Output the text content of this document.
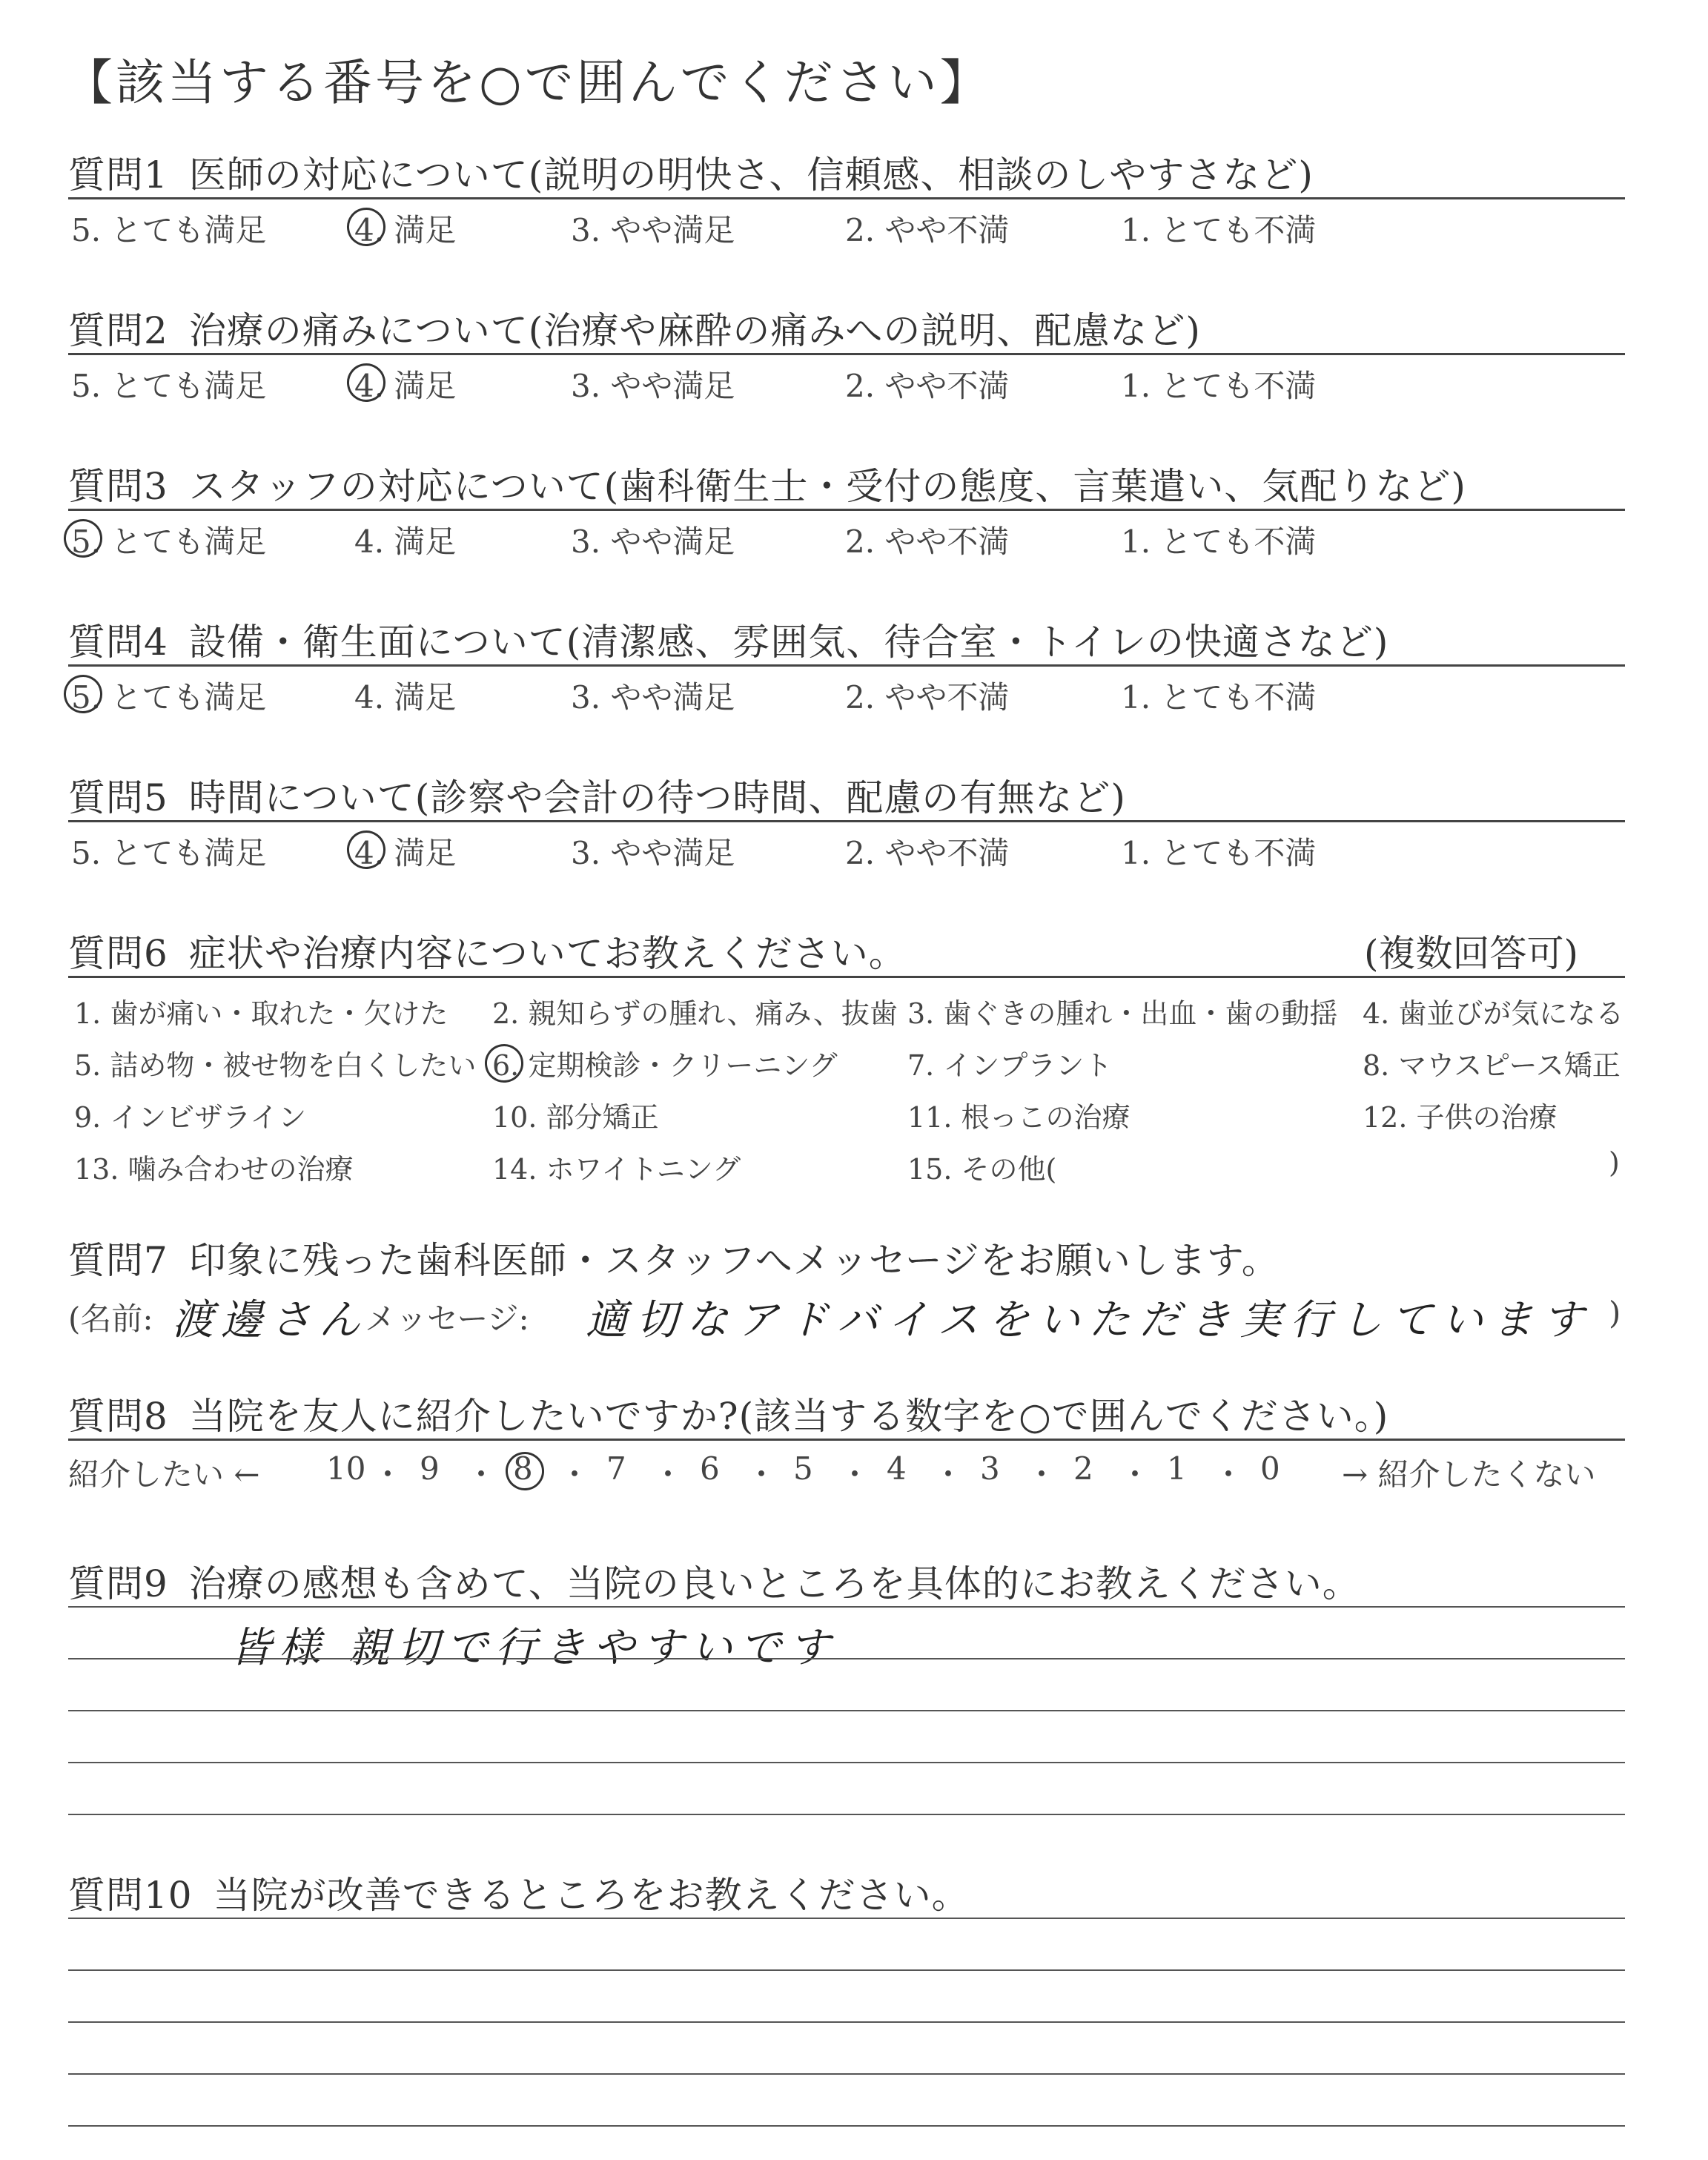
【該当する番号を○で囲んでください】
質問1 医師の対応について(説明の明快さ、信頼感、相談のしやすさなど)
5. とても満足	4. 満足	3. やや満足	2. やや不満	1. とても不満
質問2 治療の痛みについて(治療や麻酔の痛みへの説明、配慮など)
5. とても満足	4. 満足	3. やや満足	2. やや不満	1. とても不満
質問3 スタッフの対応について(歯科衛生士・受付の態度、言葉遣い、気配りなど)
5. とても満足	4. 満足	3. やや満足	2. やや不満	1. とても不満
質問4 設備・衛生面について(清潔感、雰囲気、待合室・トイレの快適さなど)
5. とても満足	4. 満足	3. やや満足	2. やや不満	1. とても不満
質問5 時間について(診察や会計の待つ時間、配慮の有無など)
5. とても満足	4. 満足	3. やや満足	2. やや不満	1. とても不満
質問6 症状や治療内容についてお教えください。	(複数回答可)
1. 歯が痛い・取れた・欠けた 2. 親知らずの腫れ、痛み、抜歯 3. 歯ぐきの腫れ・出血・歯の動揺 4. 歯並びが気になる
5. 詰め物・被せ物を白くしたい 6. 定期検診・クリーニング 7. インプラント	8. マウスピース矯正
9. インビザライン	10. 部分矯正	11. 根っこの治療	12. 子供の治療
13. 噛み合わせの治療	14. ホワイトニング	15. その他(	)
質問7 印象に残った歯科医師・スタッフへメッセージをお願いします。
(名前: 渡邊さん
メッセージ: 適切なアドバイスをいただき実行しています )
質問8 当院を友人に紹介したいですか?(該当する数字を○で囲んでください。)
紹介したい ←	→ 紹介したくない
10 ・ 9 ・ 8 ・ 7 ・ 6 ・ 5 ・ 4 ・ 3 ・ 2 ・ 1 ・ 0
質問9 治療の感想も含めて、当院の良いところを具体的にお教えください。
皆様 親切で行きやすいです
質問10 当院が改善できるところをお教えください。
